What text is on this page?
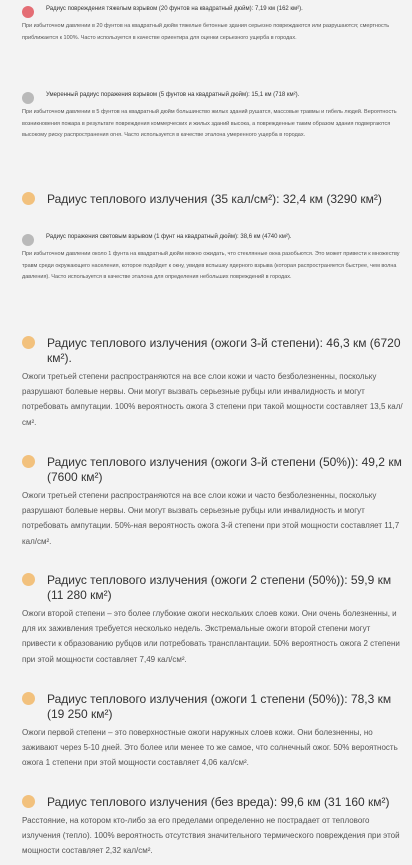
Радиус повреждения тяжелым взрывом (20 фунтов на квадратный дюйм): 7,19 км (162 км²).
При избыточном давлении в 20 фунтов на квадратный дюйм тяжелые бетонные здания серьезно повреждаются или разрушаются; смертность приближается к 100%. Часто используется в качестве ориентира для оценки серьезного ущерба в городах.
Умеренный радиус поражения взрывом (5 фунтов на квадратный дюйм): 15,1 км (718 км²).
При избыточном давлении в 5 фунтов на квадратный дюйм большинство жилых зданий рушатся, массовые травмы и гибель людей. Вероятность возникновения пожара в результате повреждения коммерческих и жилых зданий высока, а поврежденные таким образом здания подвергаются высокому риску распространения огня. Часто используется в качестве эталона умеренного ущерба в городах.
Радиус теплового излучения (35 кал/см²): 32,4 км (3290 км²)
Радиус поражения световым взрывом (1 фунт на квадратный дюйм): 38,6 км (4740 км²).
При избыточном давлении около 1 фунта на квадратный дюйм можно ожидать, что стеклянные окна разобьются. Это может привести к множеству травм среди окружающего населения, которое подойдет к окну, увидев вспышку ядерного взрыва (которая распространяется быстрее, чем волна давления). Часто используется в качестве эталона для определения небольших повреждений в городах.
Радиус теплового излучения (ожоги 3-й степени): 46,3 км (6720 км²).
Ожоги третьей степени распространяются на все слои кожи и часто безболезненны, поскольку разрушают болевые нервы. Они могут вызвать серьезные рубцы или инвалидность и могут потребовать ампутации. 100% вероятность ожога 3 степени при такой мощности составляет 13,5 кал/см².
Радиус теплового излучения (ожоги 3-й степени (50%)): 49,2 км (7600 км²)
Ожоги третьей степени распространяются на все слои кожи и часто безболезненны, поскольку разрушают болевые нервы. Они могут вызвать серьезные рубцы или инвалидность и могут потребовать ампутации. 50%-ная вероятность ожога 3-й степени при этой мощности составляет 11,7 кал/см².
Радиус теплового излучения (ожоги 2 степени (50%)): 59,9 км (11 280 км²)
Ожоги второй степени – это более глубокие ожоги нескольких слоев кожи. Они очень болезненны, и для их заживления требуется несколько недель. Экстремальные ожоги второй степени могут привести к образованию рубцов или потребовать трансплантации. 50% вероятность ожога 2 степени при этой мощности составляет 7,49 кал/см².
Радиус теплового излучения (ожоги 1 степени (50%)): 78,3 км (19 250 км²)
Ожоги первой степени – это поверхностные ожоги наружных слоев кожи. Они болезненны, но заживают через 5-10 дней. Это более или менее то же самое, что солнечный ожог. 50% вероятность ожога 1 степени при этой мощности составляет 4,06 кал/см².
Радиус теплового излучения (без вреда): 99,6 км (31 160 км²)
Расстояние, на котором кто-либо за его пределами определенно не пострадает от теплового излучения (тепло). 100% вероятность отсутствия значительного термического повреждения при этой мощности составляет 2,32 кал/см².
